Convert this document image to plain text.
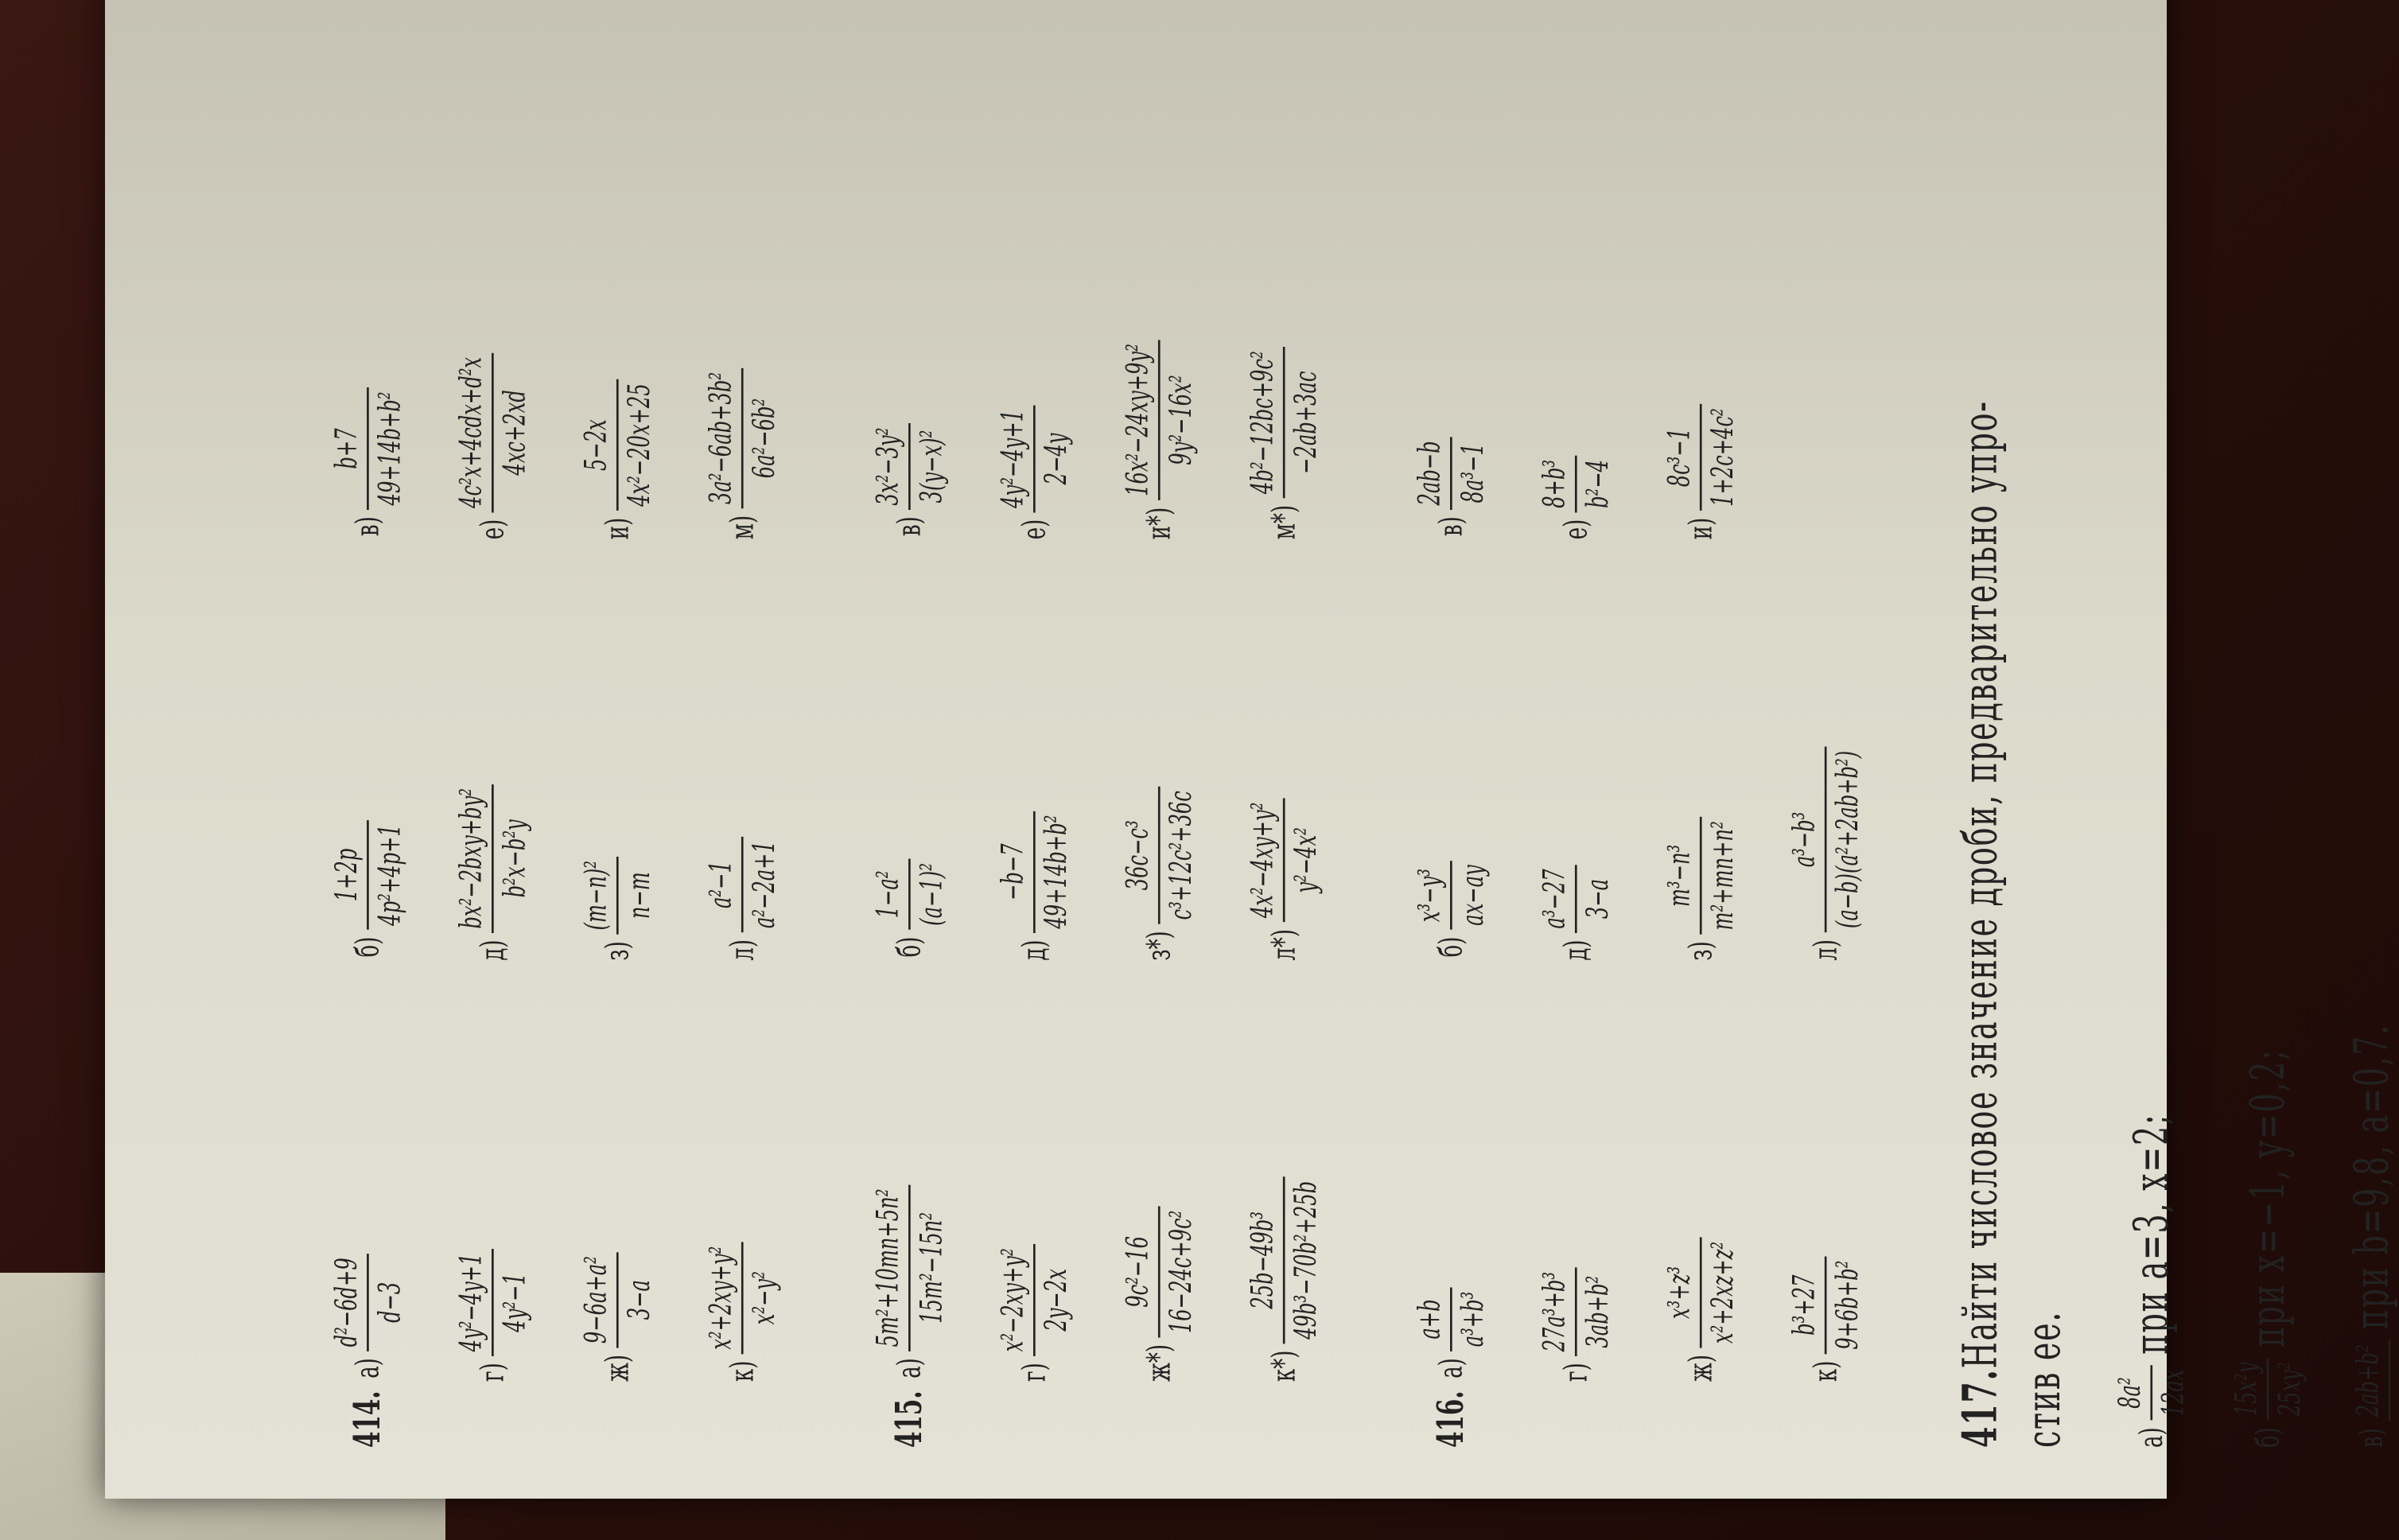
414.
а)
d²−6d+9 d−3
б)
1+2p 4p²+4p+1
в)
b+7 49+14b+b²
г)
4y²−4y+1 4y²−1
д)
bx²−2bxy+by² b²x−b²y
е)
4c²x+4cdx+d²x 4xc+2xd
ж)
9−6a+a² 3−a
з)
(m−n)² n−m
и)
5−2x 4x²−20x+25
к)
x²+2xy+y² x²−y²
л)
a²−1 a²−2a+1
м)
3a²−6ab+3b² 6a²−6b²
415.
а)
5m²+10mn+5n² 15m²−15n²
б)
1−a² (a−1)²
в)
3x²−3y² 3(y−x)²
г)
x²−2xy+y² 2y−2x
д)
−b−7 49+14b+b²
е)
4y²−4y+1 2−4y
ж*)
9c²−16 16−24c+9c²
з*)
36c−c³ c³+12c²+36c
и*)
16x²−24xy+9y² 9y²−16x²
к*)
25b−49b³ 49b³−70b²+25b
л*)
4x²−4xy+y² y²−4x²
м*)
4b²−12bc+9c² −2ab+3ac
416.
а)
a+b a³+b³
б)
x³−y³ ax−ay
в)
2ab−b 8a³−1
г)
27a³+b³ 3ab+b²
д)
a³−27 3−a
е)
8+b³ b²−4
ж)
x³+z³ x²+2xz+z²
з)
m³−n³ m²+mn+n²
и)
8c³−1 1+2c+4c²
к)
b³+27 9+6b+b²
л)
a³−b³ (a−b)(a²+2ab+b²)
417.
Найти числовое значение дроби, предварительно упро-
стив ее.	а)
8a² 12ax
при a=3, x=2;
б)
15x²y 25xy²
при x=−1, y=0,2;
в)
2ab+b²
при b=9,8, a=0,7.
